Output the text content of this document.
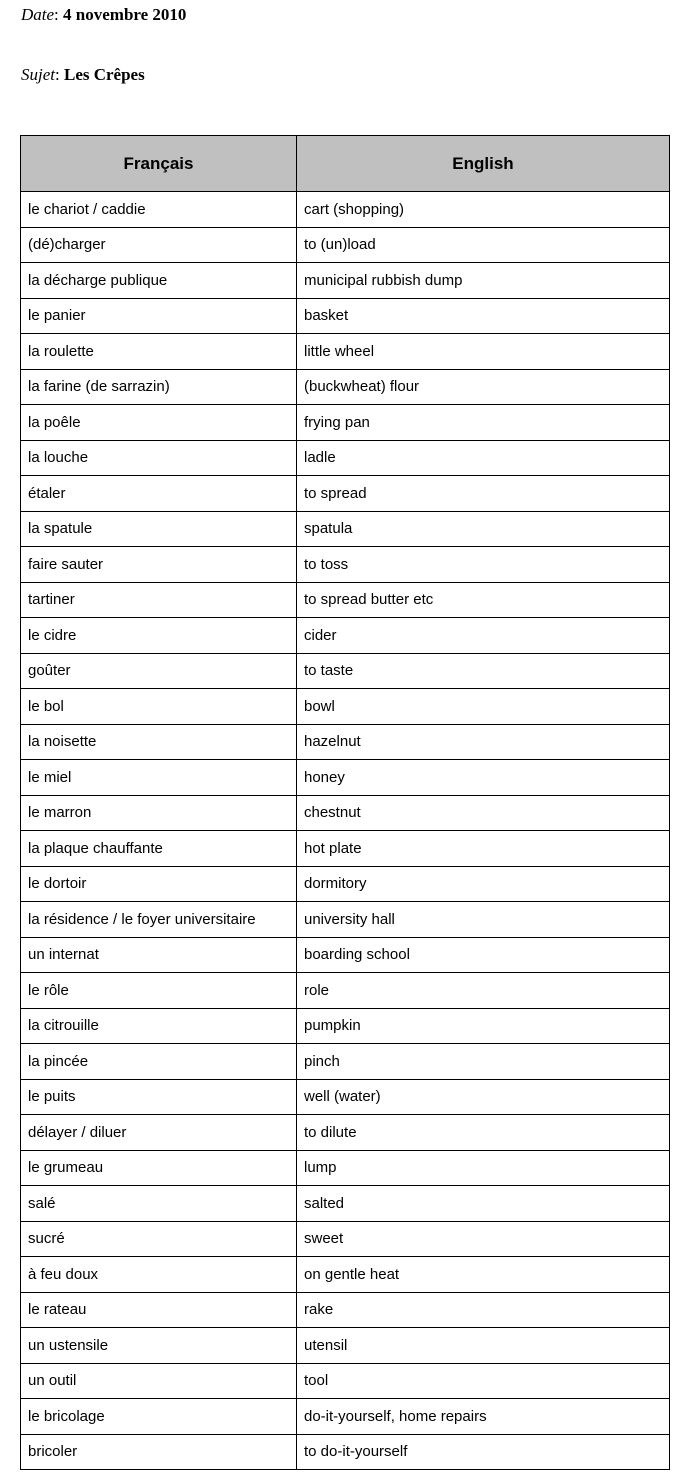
Date: 4 novembre 2010
Sujet: Les Crêpes
Français	English
le chariot / caddie	cart (shopping)
(dé)charger	to (un)load
la décharge publique	municipal rubbish dump
le panier	basket
la roulette	little wheel
la farine (de sarrazin)	(buckwheat) flour
la poêle	frying pan
la louche	ladle
étaler	to spread
la spatule	spatula
faire sauter	to toss
tartiner	to spread butter etc
le cidre	cider
goûter	to taste
le bol	bowl
la noisette	hazelnut
le miel	honey
le marron	chestnut
la plaque chauffante	hot plate
le dortoir	dormitory
la résidence / le foyer universitaire	university hall
un internat	boarding school
le rôle	role
la citrouille	pumpkin
la pincée	pinch
le puits	well (water)
délayer / diluer	to dilute
le grumeau	lump
salé	salted
sucré	sweet
à feu doux	on gentle heat
le rateau	rake
un ustensile	utensil
un outil	tool
le bricolage	do-it-yourself, home repairs
bricoler	to do-it-yourself
